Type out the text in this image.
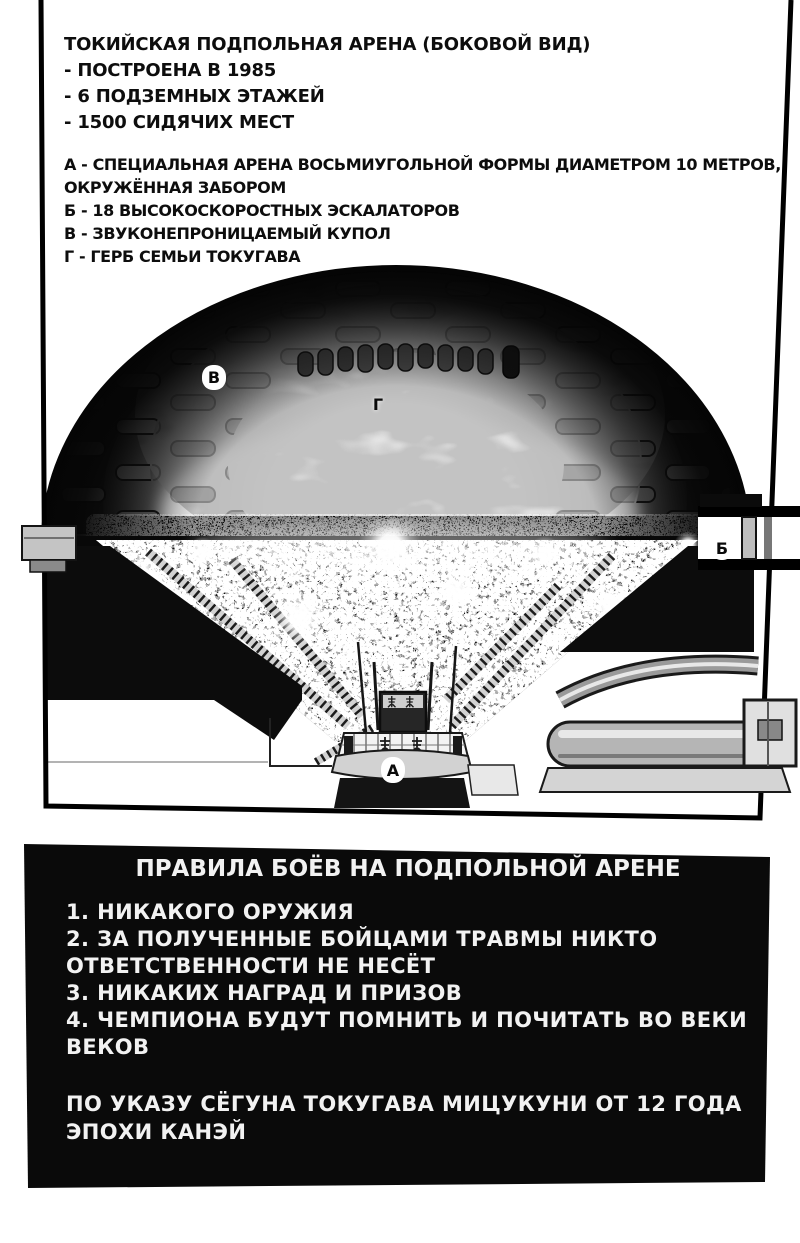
ТОКИЙСКАЯ ПОДПОЛЬНАЯ АРЕНА (БОКОВОЙ ВИД)
- ПОСТРОЕНА В 1985
- 6 ПОДЗЕМНЫХ ЭТАЖЕЙ
- 1500 СИДЯЧИХ МЕСТ
А - СПЕЦИАЛЬНАЯ АРЕНА ВОСЬМИУГОЛЬНОЙ ФОРМЫ ДИАМЕТРОМ 10 МЕТРОВ,
ОКРУЖЁННАЯ ЗАБОРОМ
Б - 18 ВЫСОКОСКОРОСТНЫХ ЭСКАЛАТОРОВ
В - ЗВУКОНЕПРОНИЦАЕМЫЙ КУПОЛ
Г - ГЕРБ СЕМЬИ ТОКУГАВА
В
Г
Б
А
ПРАВИЛА БОЁВ НА ПОДПОЛЬНОЙ АРЕНЕ
1. НИКАКОГО ОРУЖИЯ
2. ЗА ПОЛУЧЕННЫЕ БОЙЦАМИ ТРАВМЫ НИКТО
ОТВЕТСТВЕННОСТИ НЕ НЕСЁТ
3. НИКАКИХ НАГРАД И ПРИЗОВ
4. ЧЕМПИОНА БУДУТ ПОМНИТЬ И ПОЧИТАТЬ ВО ВЕКИ
ВЕКОВ
ПО УКАЗУ СЁГУНА ТОКУГАВА МИЦУКУНИ ОТ 12 ГОДА
ЭПОХИ КАНЭЙ
